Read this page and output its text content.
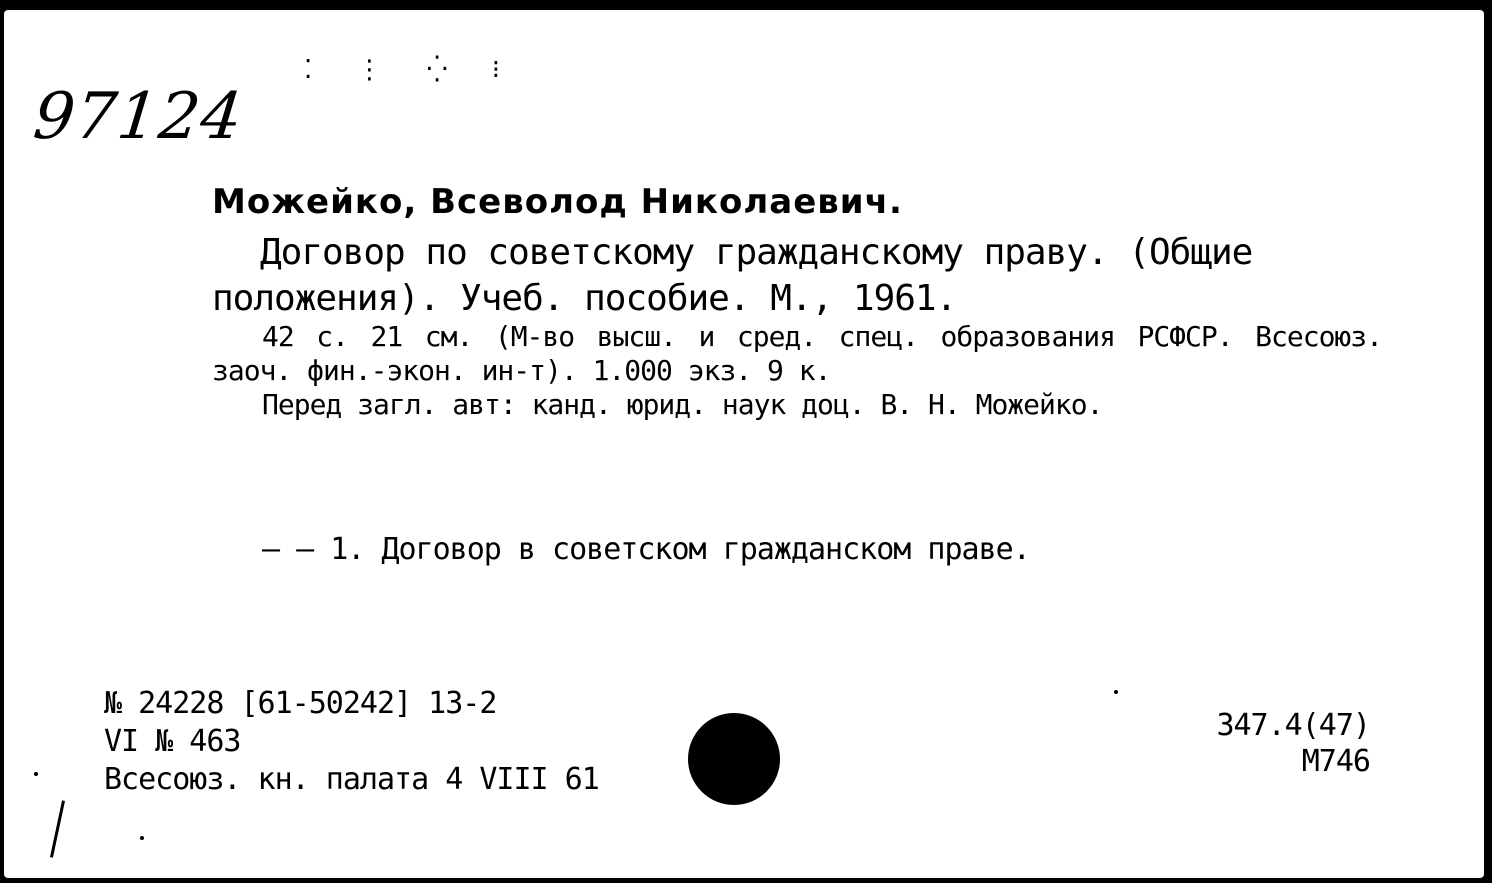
97124
⁚ ⋮ ⁛ ⁝
Можейко, Всеволод Николаевич.
Договор по советскому гражданскому праву. (Общие положения). Учеб. пособие. М., 1961.
42 с. 21 см. (М-во высш. и сред. спец. образования РСФСР. Всесоюз. заоч. фин.-экон. ин-т). 1.000 экз. 9 к.
Перед загл. авт: канд. юрид. наук доц. В. Н. Можейко.
— — 1. Договор в советском гражданском праве.
№ 24228 [61-50242] 13-2
VI № 463
Всесоюз. кн. палата 4 VIII 61
347.4(47)
М746
